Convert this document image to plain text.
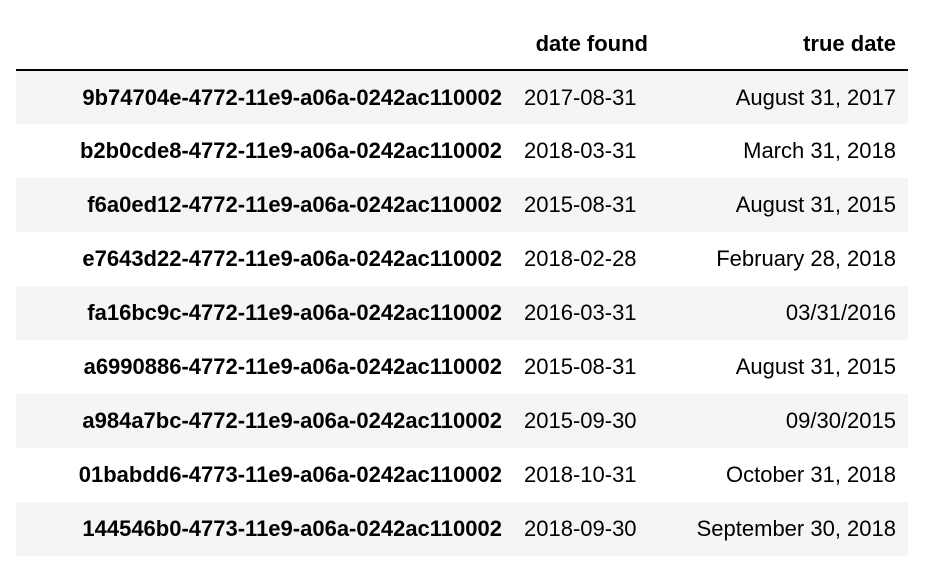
	date found	true date
9b74704e-4772-11e9-a06a-0242ac110002	2017-08-31	August 31, 2017
b2b0cde8-4772-11e9-a06a-0242ac110002	2018-03-31	March 31, 2018
f6a0ed12-4772-11e9-a06a-0242ac110002	2015-08-31	August 31, 2015
e7643d22-4772-11e9-a06a-0242ac110002	2018-02-28	February 28, 2018
fa16bc9c-4772-11e9-a06a-0242ac110002	2016-03-31	03/31/2016
a6990886-4772-11e9-a06a-0242ac110002	2015-08-31	August 31, 2015
a984a7bc-4772-11e9-a06a-0242ac110002	2015-09-30	09/30/2015
01babdd6-4773-11e9-a06a-0242ac110002	2018-10-31	October 31, 2018
144546b0-4773-11e9-a06a-0242ac110002	2018-09-30	September 30, 2018
